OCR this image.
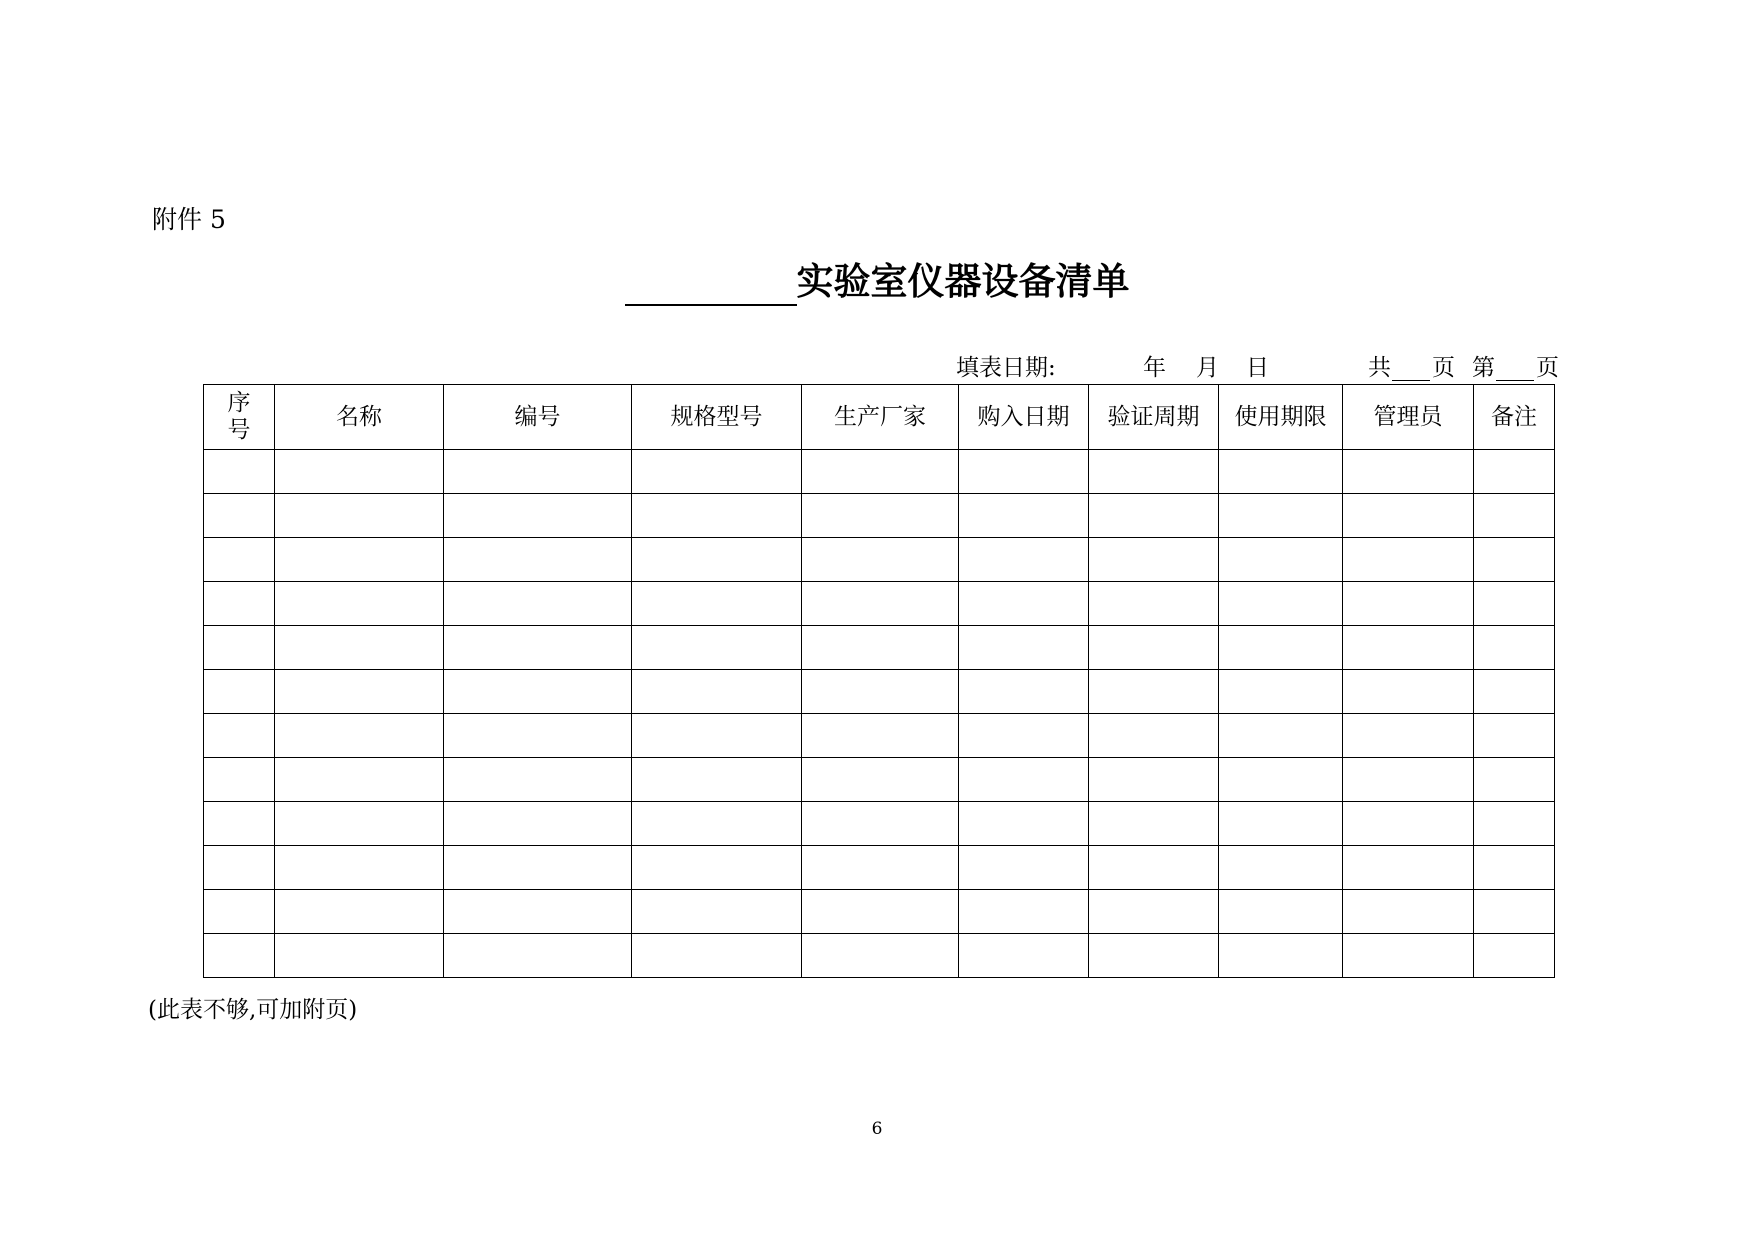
附件 5
实验室仪器设备清单
填表日期:	年 月 日	共 页 第 页
序号	名称	编号	规格型号	生产厂家	购入日期	验证周期	使用期限	管理员	备注

(此表不够,可加附页)
6
